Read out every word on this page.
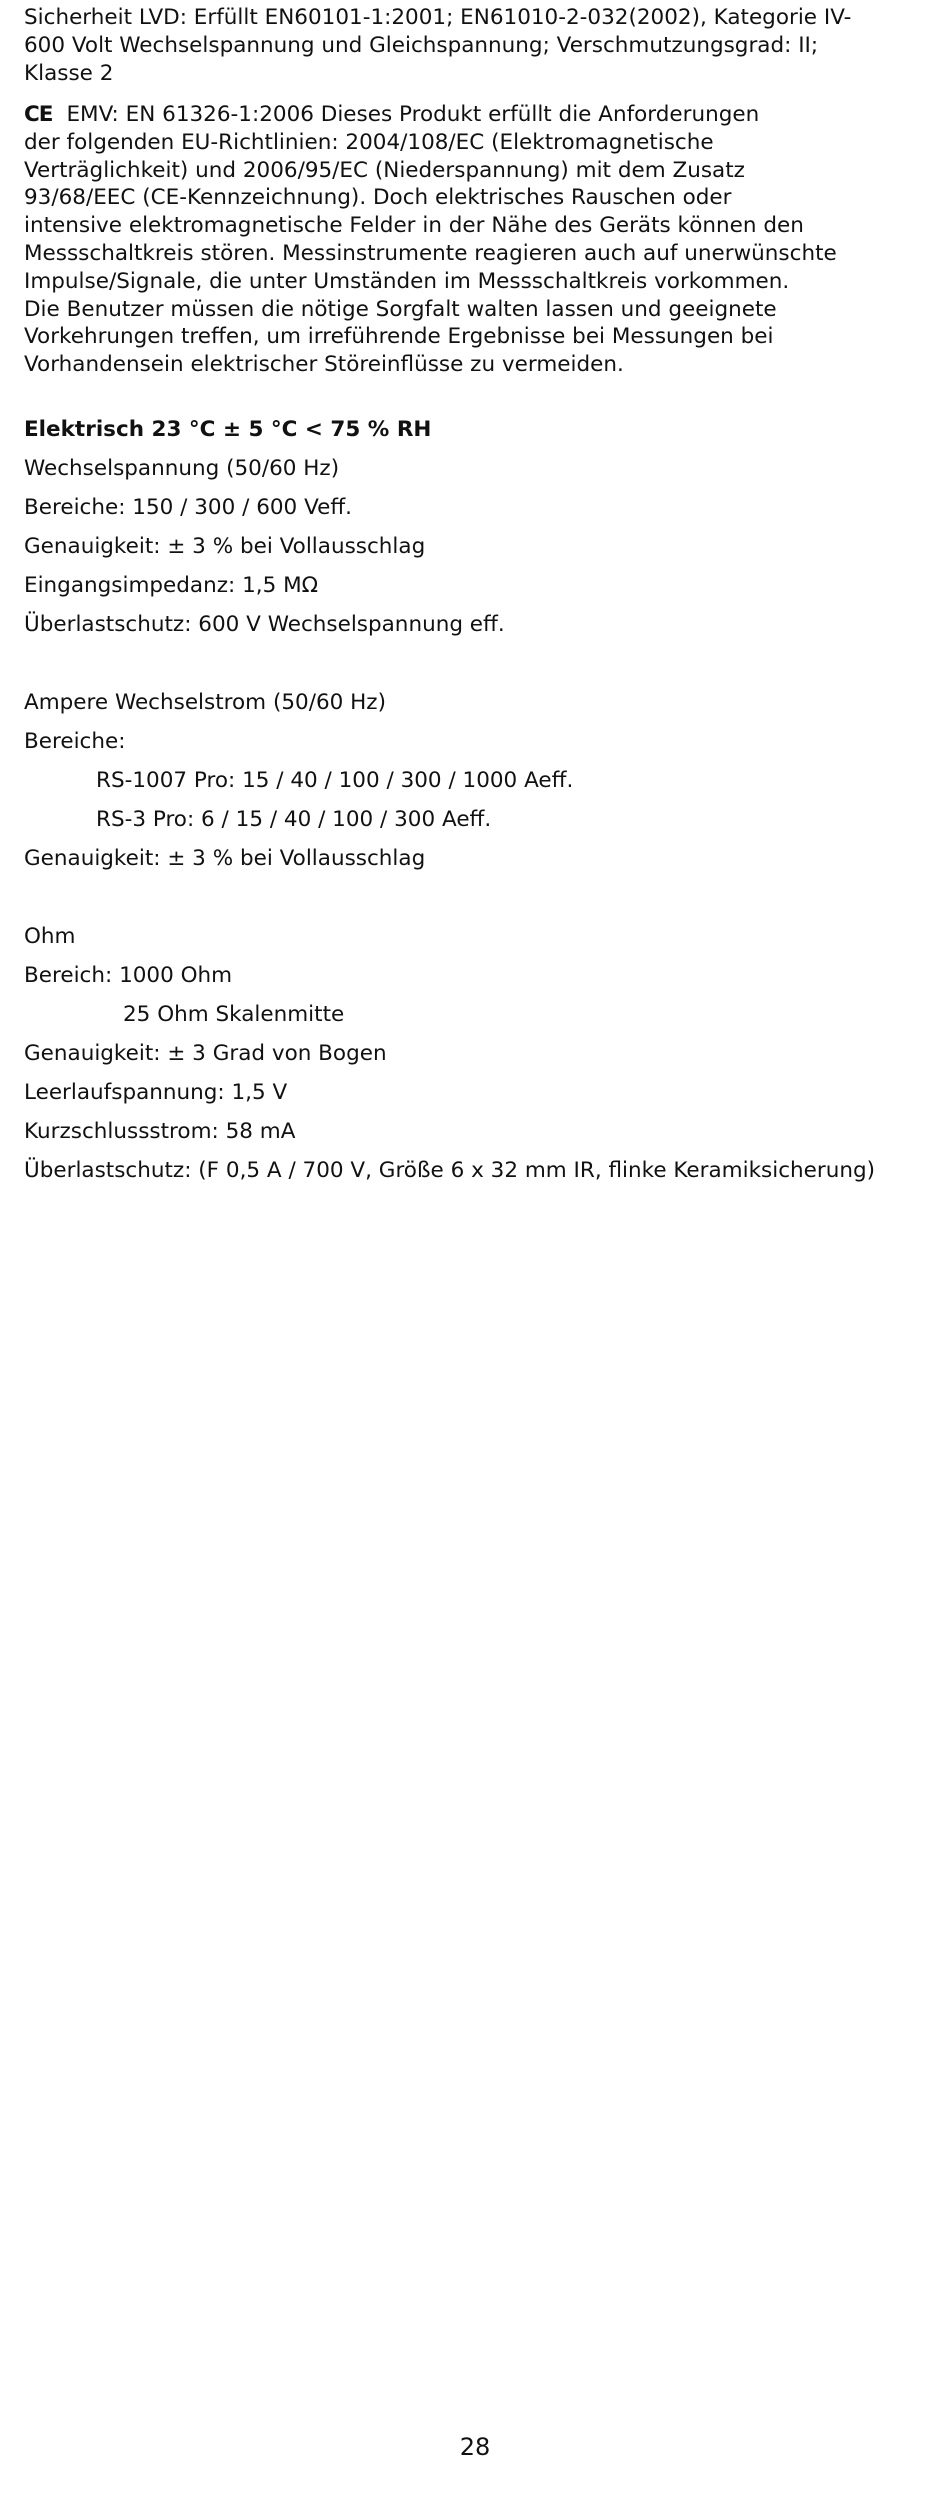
Sicherheit LVD: Erfüllt EN60101-1:2001; EN61010-2-032(2002), Kategorie IV-
600 Volt Wechselspannung und Gleichspannung; Verschmutzungsgrad: II;
Klasse 2
CE EMV: EN 61326-1:2006 Dieses Produkt erfüllt die Anforderungen
der folgenden EU-Richtlinien: 2004/108/EC (Elektromagnetische
Verträglichkeit) und 2006/95/EC (Niederspannung) mit dem Zusatz
93/68/EEC (CE-Kennzeichnung). Doch elektrisches Rauschen oder
intensive elektromagnetische Felder in der Nähe des Geräts können den
Messschaltkreis stören. Messinstrumente reagieren auch auf unerwünschte
Impulse/Signale, die unter Umständen im Messschaltkreis vorkommen.
Die Benutzer müssen die nötige Sorgfalt walten lassen und geeignete
Vorkehrungen treffen, um irreführende Ergebnisse bei Messungen bei
Vorhandensein elektrischer Störeinflüsse zu vermeiden.
Elektrisch 23 °C ± 5 °C < 75 % RH
Wechselspannung (50/60 Hz)
Bereiche: 150 / 300 / 600 Veff.
Genauigkeit: ± 3 % bei Vollausschlag
Eingangsimpedanz: 1,5 MΩ
Überlastschutz: 600 V Wechselspannung eff.
Ampere Wechselstrom (50/60 Hz)
Bereiche:
RS-1007 Pro: 15 / 40 / 100 / 300 / 1000 Aeff.
RS-3 Pro: 6 / 15 / 40 / 100 / 300 Aeff.
Genauigkeit: ± 3 % bei Vollausschlag
Ohm
Bereich: 1000 Ohm
25 Ohm Skalenmitte
Genauigkeit: ± 3 Grad von Bogen
Leerlaufspannung: 1,5 V
Kurzschlussstrom: 58 mA
Überlastschutz: (F 0,5 A / 700 V, Größe 6 x 32 mm IR, flinke Keramiksicherung)
28
